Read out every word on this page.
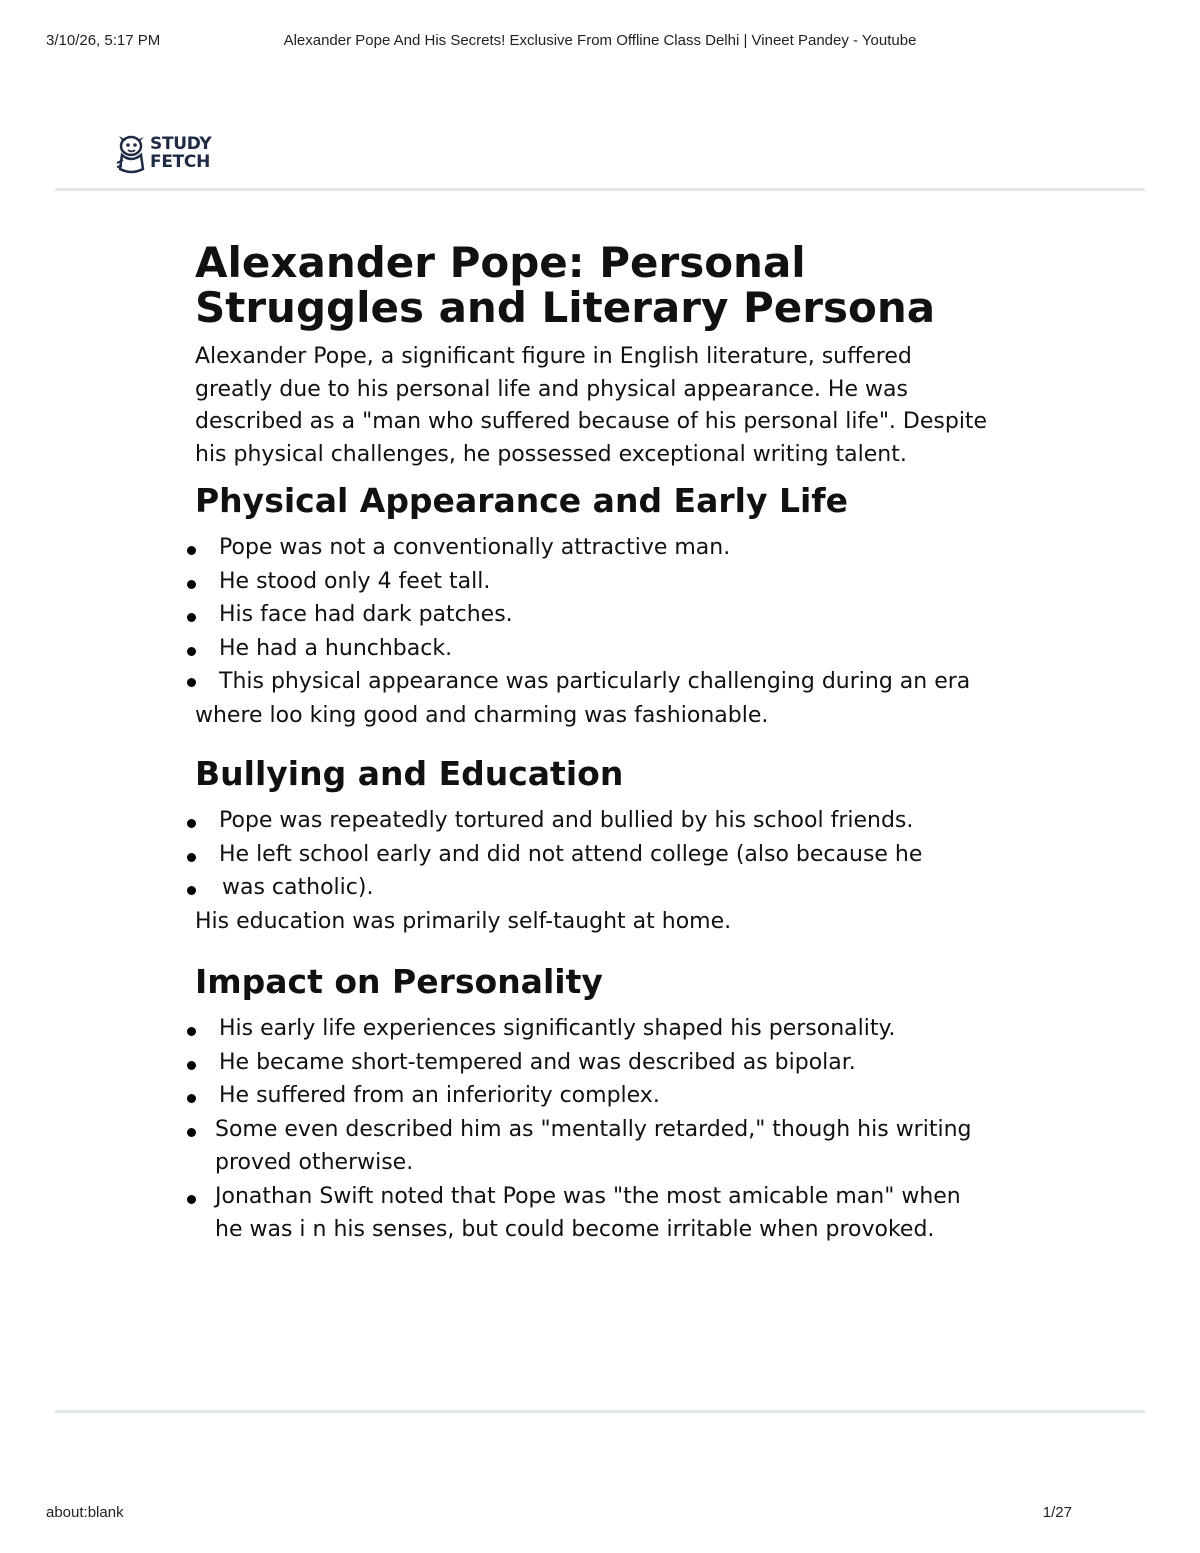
3/10/26, 5:17 PM	Alexander Pope And His Secrets! Exclusive From Offline Class Delhi | Vineet Pandey - Youtube
STUDY
FETCH
Alexander Pope: Personal Struggles and Literary Persona

Alexander Pope, a significant figure in English literature, suffered greatly due to his personal life and physical appearance. He was described as a "man who suffered because of his personal life". Despite his physical challenges, he possessed exceptional writing talent.

Physical Appearance and Early Life
Pope was not a conventionally attractive man.
He stood only 4 feet tall.
His face had dark patches.
He had a hunchback.
This physical appearance was particularly challenging during an era where loo king good and charming was fashionable.
Bullying and Education
Pope was repeatedly tortured and bullied by his school friends.
He left school early and did not attend college (also because he
was catholic).

His education was primarily self-taught at home.

Impact on Personality
His early life experiences significantly shaped his personality.
He became short-tempered and was described as bipolar.
He suffered from an inferiority complex.
Some even described him as "mentally retarded," though his writing proved otherwise.
Jonathan Swift noted that Pope was "the most amicable man" when he was i n his senses, but could become irritable when provoked.
about:blank	1/27
